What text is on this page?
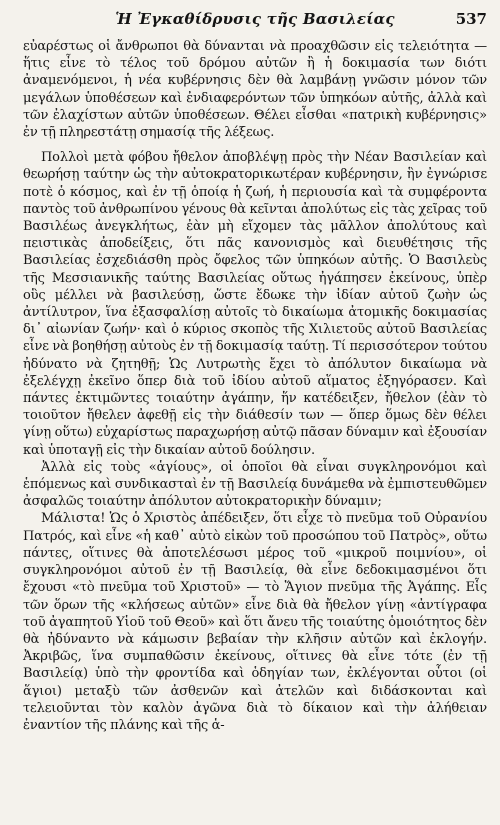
Ἡ Ἐγκαθίδρυσις τῆς Βασιλείας	537

εὐαρέστως οἱ ἄνθρωποι θὰ δύνανται νὰ προαχθῶσιν εἰς τελειότητα — ἥτις εἶνε τὸ τέλος τοῦ δρόμου αὐτῶν ἢ ἡ δοκιμασία των διότι ἀναμενόμενοι, ἡ νέα κυβέρνησις δὲν θὰ λαμβάνῃ γνῶσιν μόνον τῶν μεγάλων ὑποθέσεων καὶ ἐνδιαφερόντων τῶν ὑπηκόων αὐτῆς, ἀλλὰ καὶ τῶν ἐλαχίστων αὐτῶν ὑποθέσεων. Θέλει εἶσθαι «πατρικὴ κυβέρνησις» ἐν τῇ πληρεστάτῃ σημασίᾳ τῆς λέξεως.

Πολλοὶ μετὰ φόβου ἤθελον ἀποβλέψῃ πρὸς τὴν Νέαν Βασιλείαν καὶ θεωρήσῃ ταύτην ὡς τὴν αὐτοκρατορικωτέραν κυβέρνησιν, ἣν ἐγνώρισε ποτὲ ὁ κόσμος, καὶ ἐν τῇ ὁποίᾳ ἡ ζωή, ἡ περιουσία καὶ τὰ συμφέροντα παντὸς τοῦ ἀνθρωπίνου γένους θὰ κεῖνται ἀπολύτως εἰς τὰς χεῖρας τοῦ Βασιλέως ἀνεγκλήτως, ἐὰν μὴ εἴχομεν τὰς μᾶλλον ἀπολύτους καὶ πειστικὰς ἀποδείξεις, ὅτι πᾶς κανονισμὸς καὶ διευθέτησις τῆς Βασιλείας ἐσχεδιάσθη πρὸς ὄφελος τῶν ὑπηκόων αὐτῆς. Ὁ Βασιλεὺς τῆς Μεσσιανικῆς ταύτης Βασιλείας οὕτως ἠγάπησεν ἐκείνους, ὑπὲρ οὓς μέλλει νὰ βασιλεύσῃ, ὥστε ἔδωκε τὴν ἰδίαν αὐτοῦ ζωὴν ὡς ἀντίλυτρον, ἵνα ἐξασφαλίσῃ αὐτοῖς τὸ δικαίωμα ἀτομικῆς δοκιμασίας δι᾽ αἰωνίαν ζωήν· καὶ ὁ κύριος σκοπὸς τῆς Χιλιετοῦς αὐτοῦ Βασιλείας εἶνε νὰ βοηθήσῃ αὐτοὺς ἐν τῇ δοκιμασίᾳ ταύτῃ. Τί περισσότερον τούτου ἠδύνατο νὰ ζητηθῇ; Ὡς Λυτρωτὴς ἔχει τὸ ἀπόλυτον δικαίωμα νὰ ἐξελέγχῃ ἐκεῖνο ὅπερ διὰ τοῦ ἰδίου αὐτοῦ αἵματος ἐξηγόρασεν. Καὶ πάντες ἐκτιμῶντες τοιαύτην ἀγάπην, ἥν κατέδειξεν, ἤθελον (ἐὰν τὸ τοιοῦτον ἤθελεν ἀφεθῇ εἰς τὴν διάθεσίν των — ὅπερ ὅμως δὲν θέλει γίνῃ οὕτω) εὐχαρίστως παραχωρήσῃ αὐτῷ πᾶσαν δύναμιν καὶ ἐξουσίαν καὶ ὑποταγῇ εἰς τὴν δικαίαν αὐτοῦ δούλησιν.

Ἀλλὰ εἰς τοὺς «ἁγίους», οἱ ὁποῖοι θὰ εἶναι συγκληρονόμοι καὶ ἑπόμενως καὶ συνδικασταὶ ἐν τῇ Βασιλείᾳ δυνάμεθα νὰ ἐμπιστευθῶμεν ἀσφαλῶς τοιαύτην ἀπόλυτον αὐτοκρατορικὴν δύναμιν;

Μάλιστα! Ὡς ὁ Χριστὸς ἀπέδειξεν, ὅτι εἶχε τὸ πνεῦμα τοῦ Οὐρανίου Πατρός, καὶ εἶνε «ἡ καθ᾽ αὐτὸ εἰκὼν τοῦ προσώπου τοῦ Πατρὸς», οὕτω πάντες, οἵτινες θὰ ἀποτελέσωσι μέρος τοῦ «μικροῦ ποιμνίου», οἱ συγκληρονόμοι αὐτοῦ ἐν τῇ Βασιλείᾳ, θὰ εἶνε δεδοκιμασμένοι ὅτι ἔχουσι «τὸ πνεῦμα τοῦ Χριστοῦ» — τὸ Ἅγιον πνεῦμα τῆς Ἀγάπης. Εἷς τῶν ὅρων τῆς «κλήσεως αὐτῶν» εἶνε διὰ θὰ ἤθελον γίνῃ «ἀντίγραφα τοῦ ἀγαπητοῦ Υἱοῦ τοῦ Θεοῦ» καὶ ὅτι ἄνευ τῆς τοιαύτης ὁμοιότητος δὲν θὰ ἠδύναντο νὰ κάμωσιν βεβαίαν τὴν κλῆσιν αὐτῶν καὶ ἐκλογήν. Ἀκριβῶς, ἵνα συμπαθῶσιν ἐκείνους, οἵτινες θὰ εἶνε τότε (ἐν τῇ Βασιλείᾳ) ὑπὸ τὴν φροντίδα καὶ ὁδηγίαν των, ἐκλέγονται οὗτοι (οἱ ἅγιοι) μεταξὺ τῶν ἀσθενῶν καὶ ἀτελῶν καὶ διδάσκονται καὶ τελειοῦνται τὸν καλὸν ἀγῶνα διὰ τὸ δίκαιον καὶ τὴν ἀλήθειαν ἐναντίον τῆς πλάνης καὶ τῆς ἁ-
